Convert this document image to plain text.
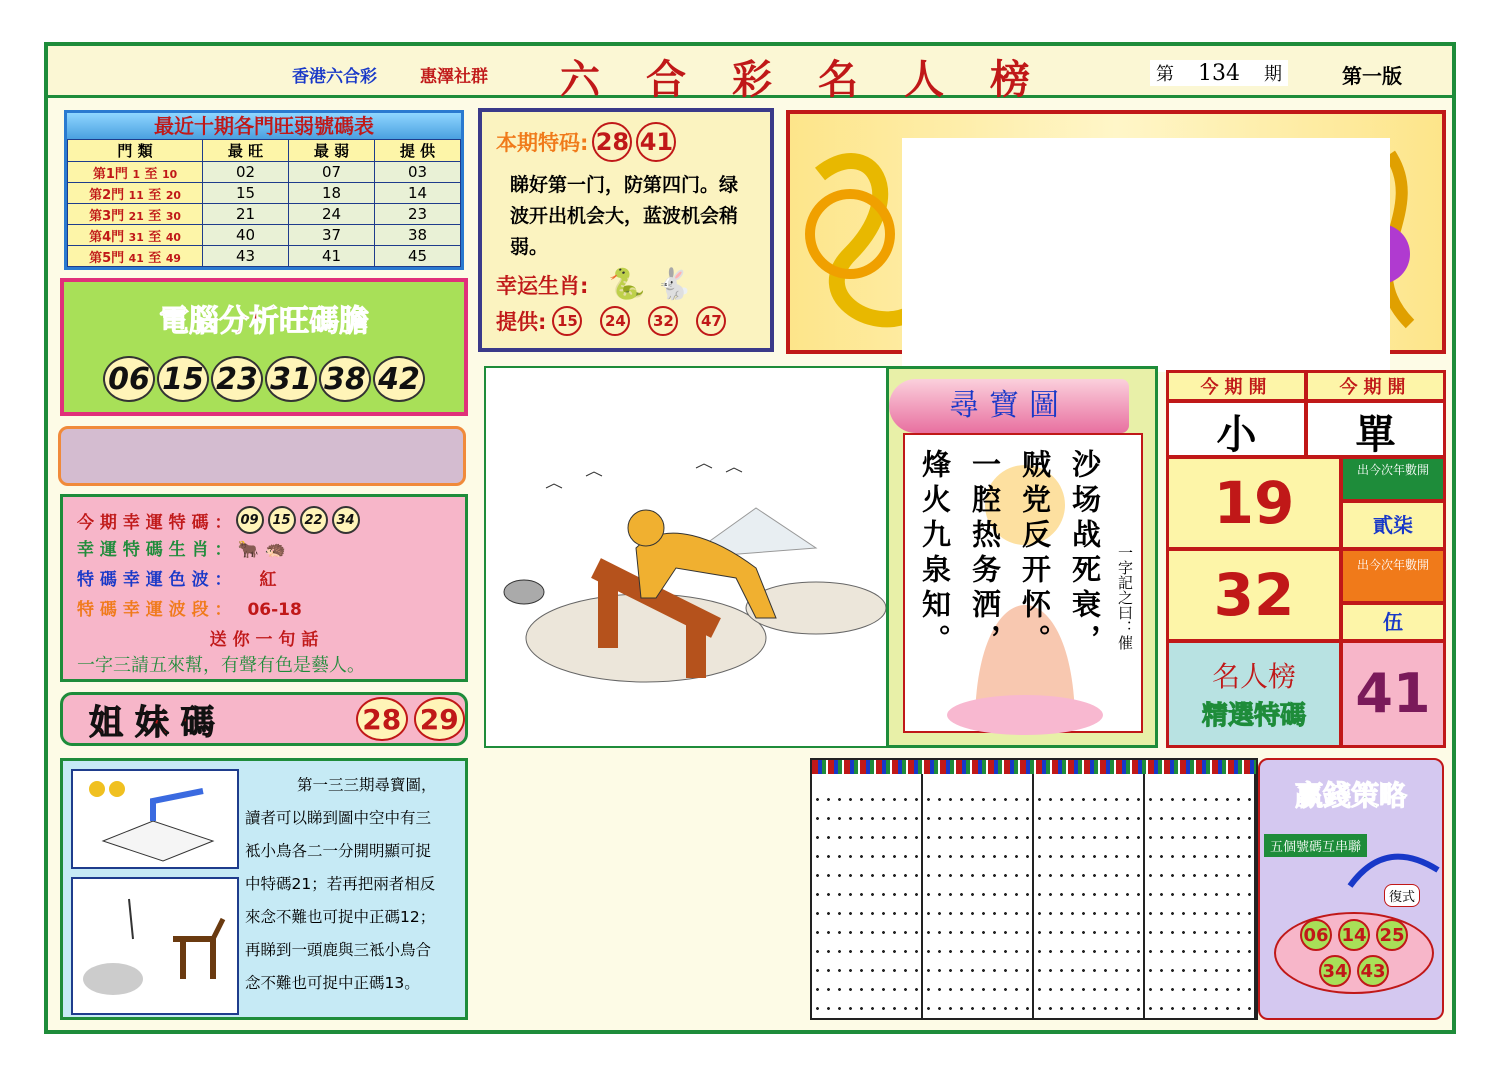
香港六合彩	惠澤社群 六合彩名人榜	第 134 期	第一版
最近十期各門旺弱號碼表
門 類	最 旺	最 弱	提 供
第1門 1 至 10	02	07	03
第2門 11 至 20	15	18	14
第3門 21 至 30	21	24	23
第4門 31 至 40	40	37	38
第5門 41 至 49	43	41	45
電腦分析旺碼膽
06 15 23 31 38 42
今 期 幸 運 特 碼 ： 09	15	22	34
幸 運 特 碼 生 肖 ： 🐂 🦔
特 碼 幸 運 色 波 ： 紅
特 碼 幸 運 波 段 ： 06-18
送 你 一 句 話
一字三請五來幫，有聲有色是藝人。
姐 妹 碼	28 29
第一三三期尋寶圖，
讀者可以睇到圖中空中有三
袛小鳥各二一分開明顯可捉
中特碼21；若再把兩者相反
來念不難也可捉中正碼12；
再睇到一頭鹿與三袛小鳥合
念不難也可捉中正碼13。
本期特码: 28 41
睇好第一门，防第四门。绿波开出机会大，蓝波机会稍弱。
幸运生肖: 🐍 🐇
提供: 15	24	32	47
尋寶圖
沙场战死衰，
贼党反开怀。
一腔热务洒，
烽火九泉知。	一字記之曰：催
今期開	今期開
小	單
19	出今次年數開
貳柒
32	出今次年數開
伍
名人榜
精選特碼 41
贏錢策略
五個號碼互串聯
復式
06 14 25
34 43
